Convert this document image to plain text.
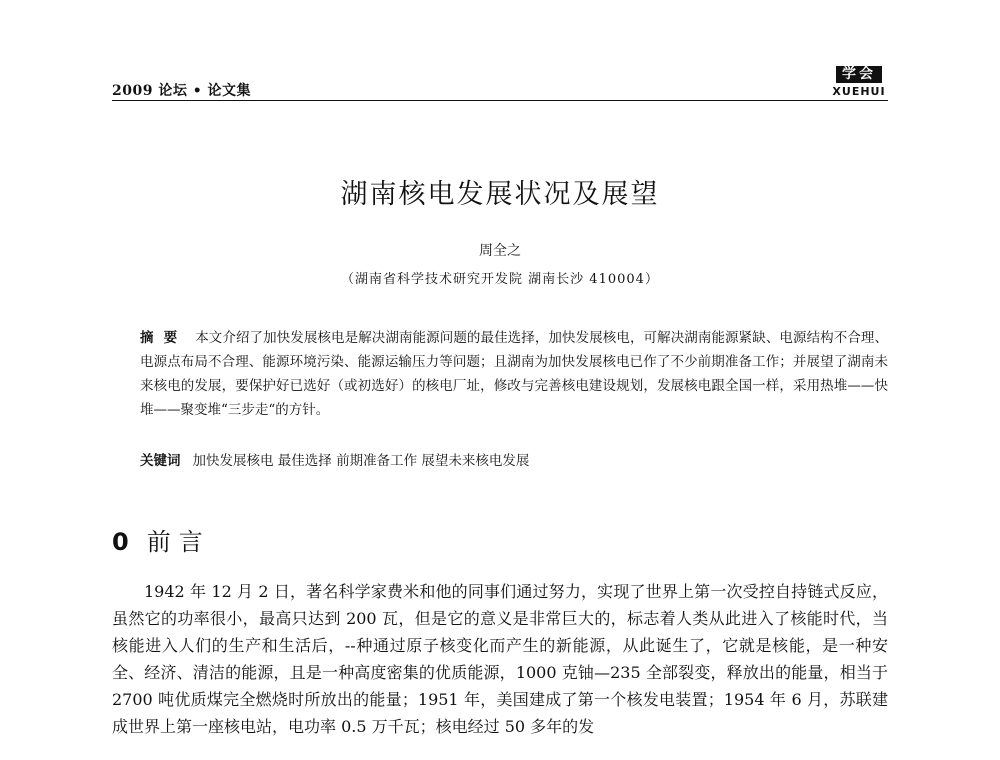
2009 论坛 • 论文集
学会
XUEHUI
湖南核电发展状况及展望
周全之
（湖南省科学技术研究开发院 湖南长沙 410004）
摘要 本文介绍了加快发展核电是解决湖南能源问题的最佳选择，加快发展核电，可解决湖南能源紧缺、电源结构不合理、电源点布局不合理、能源环境污染、能源运输压力等问题；且湖南为加快发展核电已作了不少前期准备工作；并展望了湖南未来核电的发展，要保护好已选好（或初选好）的核电厂址，修改与完善核电建设规划，发展核电跟全国一样，采用热堆——快堆——聚变堆“三步走“的方针。
关键词 加快发展核电 最佳选择 前期准备工作 展望未来核电发展
0 前言
1942 年 12 月 2 日，著名科学家费米和他的同事们通过努力，实现了世界上第一次受控自持链式反应，虽然它的功率很小，最高只达到 200 瓦，但是它的意义是非常巨大的，标志着人类从此进入了核能时代，当核能进入人们的生产和生活后，--种通过原子核变化而产生的新能源，从此诞生了，它就是核能，是一种安全、经济、清洁的能源，且是一种高度密集的优质能源，1000 克铀—235 全部裂变，释放出的能量，相当于 2700 吨优质煤完全燃烧时所放出的能量；1951 年，美国建成了第一个核发电装置；1954 年 6 月，苏联建成世界上第一座核电站，电功率 0.5 万千瓦；核电经过 50 多年的发
